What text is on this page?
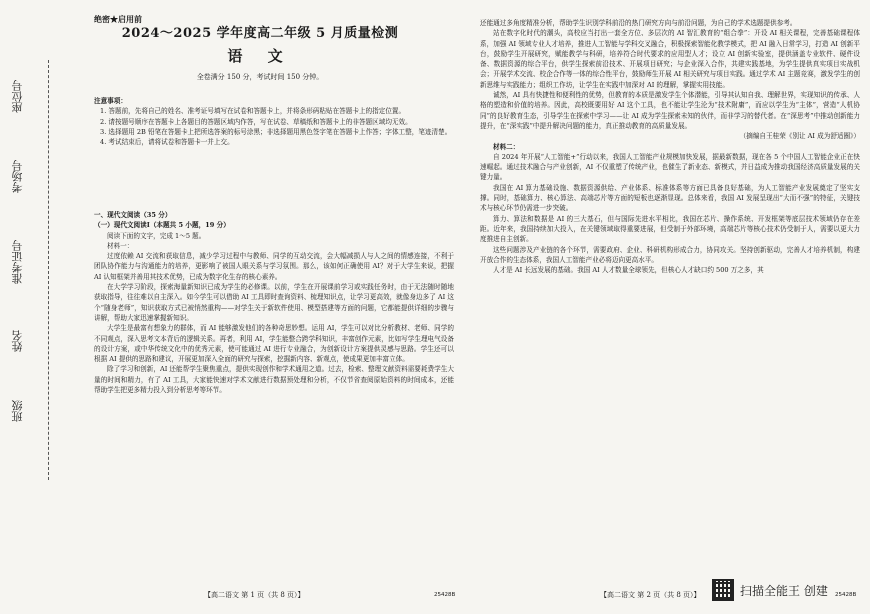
班级
姓名
准考证号
考场号
座位号
绝密★启用前
2024～2025 学年度高二年级 5 月质量检测
语 文
全卷满分 150 分，考试时间 150 分钟。

注意事项：

1. 答题前，先将自己的姓名、准考证号填写在试卷和答题卡上，并将条形码粘贴在答题卡上的指定位置。

2. 请按题号顺序在答题卡上各题目的答题区域内作答，写在试卷、草稿纸和答题卡上的非答题区域均无效。

3. 选择题用 2B 铅笔在答题卡上把所选答案的标号涂黑；非选择题用黑色签字笔在答题卡上作答；字体工整，笔迹清楚。

4. 考试结束后，请将试卷和答题卡一并上交。

一、现代文阅读（35 分）

（一）现代文阅读Ⅰ（本题共 5 小题，19 分）

阅读下面的文字，完成 1～5 题。

材料一：

过度依赖 AI 交流和获取信息，减少学习过程中与教师、同学的互动交流，会大幅减损人与人之间的情感连接，不利于团队协作能力与沟通能力的培养，更影响了被国人眼关系与学习氛围。那么，该如何正确使用 AI？对于大学生来说，把握 AI 认知框架并善用其技术优势，已成为数字化生存的核心素养。

在大学学习阶段，探索海量新知识已成为学生的必修课。以前，学生在开展课前学习或实践任务时，由于无法随时随地获取指导，往往难以自主深入。如今学生可以借助 AI 工具即时查询资料、梳理知识点，让学习更高效，就像身边多了 AI 这个“随身老师”，知识获取方式已被悄然重构——对学生关于新软件使用、模型搭建等方面的问题，它都能提供详细的步骤与讲解，帮助大家迅速掌握新知识。

大学生是最富有想象力的群体，而 AI 能够激发他们的各种奇思妙想。运用 AI，学生可以对比分析教材、老师、同学的不同观点，深入思考文本背后的逻辑关系。再者，利用 AI，学生能整合跨学科知识，丰富创作元素，比如写学生理电气设备的设计方案，或中华传统文化中的优秀元素，使可能通过 AI 进行专业融合，为创新设计方案提供灵感与思路。学生还可以根据 AI 提供的思路和建议，开展更加深入全面的研究与探索，挖掘新内容、新观点，使成果更加丰富立体。

除了学习和创新，AI 还能帮学生聚焦重点，提供实现创作和学术通用之道。过去，检索、整理文献资料需要耗费学生大量的时间和精力，有了 AI 工具，大家能快速对学术文献进行数据预处理和分析，不仅节省查阅原始资料的时间成本，还能帮助学生把更多精力投入到分析思考等环节。

【高二语文 第 1 页（共 8 页）】	25428B

还能通过多角度精准分析，帮助学生识别学科前沿的热门研究方向与前沿问题，为自己的学术选题提供参考。

站在数字化时代的潮头，高校应当打出一套全方位、多层次的 AI 智汇教育的“组合拳”：开设 AI 相关课程，完善基础课程体系，加强 AI 领域专业人才培养，推进人工智能与学科交叉融合，积极探索智能化教学模式，把 AI 融入日常学习，打造 AI 创新平台，鼓励学生开展研究，赋能教学与科研，培养符合时代要求的应用型人才；设立 AI 创新实验室，提供涵盖专业软件、硬件设备、数据资源的综合平台，供学生探索前沿技术、开展项目研究；与企业深入合作，共建实践基地，为学生提供真实项目实战机会；开展学术交流、校企合作等一体的综合性平台，鼓励师生开展 AI 相关研究与项目实践。通过学术 AI 主题竞赛，激发学生的创新思维与实践能力；组织工作坊，让学生在实践中加深对 AI 的理解，掌握实用技能。

诚然，AI 具有快捷性和便利性的优势，但教育的本质是激发学生个体潜能，引导其认知自我、理解世界，实现知识的传承、人格的塑造和价值的培养。因此，高校既要用好 AI 这个工具，也不能让学生沦为“技术附庸”，而应以学生为“主体”，营造“人机协同”的良好教育生态，引导学生在探索中学习——让 AI 成为学生探索未知的伙伴，而非学习的替代者。在“深思考”中推动创新能力提升，在“深实践”中提升解决问题的能力，真正推动教育的高质量发展。

（摘编自王桂荣《别让 AI 成为舒适圈》）

材料二：

自 2024 年开展“人工智能+”行动以来，我国人工智能产业规模加快发展，据最新数据，现在各 5 个中国人工智能企业正在快速崛起。通过技术融合与产业创新，AI 不仅重塑了传统产业，也催生了新业态、新模式，并日益成为推动我国经济高质量发展的关键力量。

我国在 AI 算力基础设施、数据资源供给、产业体系、标准体系等方面已具备良好基础，为人工智能产业发展奠定了坚实支撑。同时，基础算力、核心算法、高端芯片等方面的短板也逐渐显现。总体来看，我国 AI 发展呈现出“大而不强”的特征，关键技术与核心环节仍需进一步突破。

算力、算法和数据是 AI 的三大基石，但与国际先进水平相比，我国在芯片、操作系统、开发框架等底层技术领域仍存在差距。近年来，我国持续加大投入，在关键领域取得重要进展，但受制于外部环境，高端芯片等核心技术仍受制于人，需要以更大力度推进自主创新。

这些问题涉及产业链的各个环节，需要政府、企业、科研机构形成合力，协同攻关。坚持创新驱动，完善人才培养机制，构建开放合作的生态体系，我国人工智能产业必将迈向更高水平。

人才是 AI 长远发展的基础。我国 AI 人才数量全球领先，但核心人才缺口约 500 万之多，其

【高二语文 第 2 页（共 8 页）】	25428B
扫描全能王 创建
